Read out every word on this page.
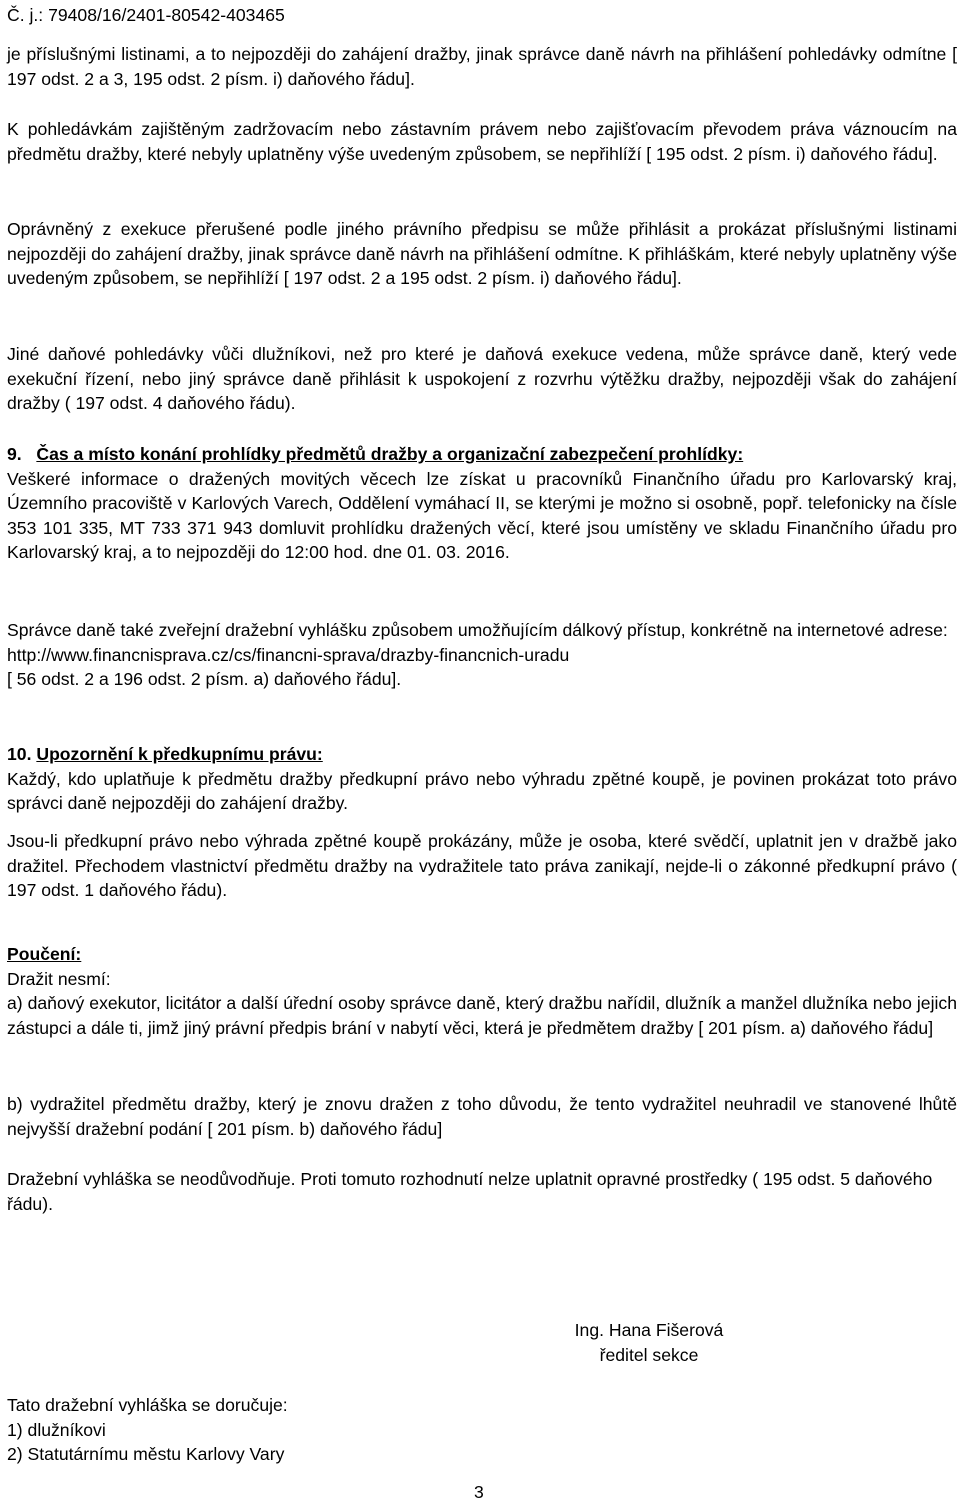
Č. j.: 79408/16/2401-80542-403465

je příslušnými listinami, a to nejpozději do zahájení dražby, jinak správce daně návrh na přihlášení pohledávky odmítne [ 197 odst. 2 a 3, 195 odst. 2 písm. i) daňového řádu].

K pohledávkám zajištěným zadržovacím nebo zástavním právem nebo zajišťovacím převodem práva váznoucím na předmětu dražby, které nebyly uplatněny výše uvedeným způsobem, se nepřihlíží [ 195 odst. 2 písm. i) daňového řádu].

Oprávněný z exekuce přerušené podle jiného právního předpisu se může přihlásit a prokázat příslušnými listinami nejpozději do zahájení dražby, jinak správce daně návrh na přihlášení odmítne. K přihláškám, které nebyly uplatněny výše uvedeným způsobem, se nepřihlíží [ 197 odst. 2 a 195 odst. 2 písm. i) daňového řádu].

Jiné daňové pohledávky vůči dlužníkovi, než pro které je daňová exekuce vedena, může správce daně, který vede exekuční řízení, nebo jiný správce daně přihlásit k uspokojení z rozvrhu výtěžku dražby, nejpozději však do zahájení dražby ( 197 odst. 4 daňového řádu).

9. Čas a místo konání prohlídky předmětů dražby a organizační zabezpečení prohlídky:

Veškeré informace o dražených movitých věcech lze získat u pracovníků Finančního úřadu pro Karlovarský kraj, Územního pracoviště v Karlových Varech, Oddělení vymáhací II, se kterými je možno si osobně, popř. telefonicky na čísle 353 101 335, MT 733 371 943 domluvit prohlídku dražených věcí, které jsou umístěny ve skladu Finančního úřadu pro Karlovarský kraj, a to nejpozději do 12:00 hod. dne 01. 03. 2016.

Správce daně také zveřejní dražební vyhlášku způsobem umožňujícím dálkový přístup, konkrétně na internetové adrese:

http://www.financnisprava.cz/cs/financni-sprava/drazby-financnich-uradu

[ 56 odst. 2 a 196 odst. 2 písm. a) daňového řádu].

10. Upozornění k předkupnímu právu:

Každý, kdo uplatňuje k předmětu dražby předkupní právo nebo výhradu zpětné koupě, je povinen prokázat toto právo správci daně nejpozději do zahájení dražby.

Jsou-li předkupní právo nebo výhrada zpětné koupě prokázány, může je osoba, které svědčí, uplatnit jen v dražbě jako dražitel. Přechodem vlastnictví předmětu dražby na vydražitele tato práva zanikají, nejde-li o zákonné předkupní právo ( 197 odst. 1 daňového řádu).

Poučení:

Dražit nesmí:

a) daňový exekutor, licitátor a další úřední osoby správce daně, který dražbu nařídil, dlužník a manžel dlužníka nebo jejich zástupci a dále ti, jimž jiný právní předpis brání v nabytí věci, která je předmětem dražby [ 201 písm. a) daňového řádu]

b) vydražitel předmětu dražby, který je znovu dražen z toho důvodu, že tento vydražitel neuhradil ve stanovené lhůtě nejvyšší dražební podání [ 201 písm. b) daňového řádu]

Dražební vyhláška se neodůvodňuje. Proti tomuto rozhodnutí nelze uplatnit opravné prostředky ( 195 odst. 5 daňového řádu).

Ing. Hana Fišerová
ředitel sekce
Tato dražební vyhláška se doručuje:
1) dlužníkovi
2) Statutárnímu městu Karlovy Vary
3
